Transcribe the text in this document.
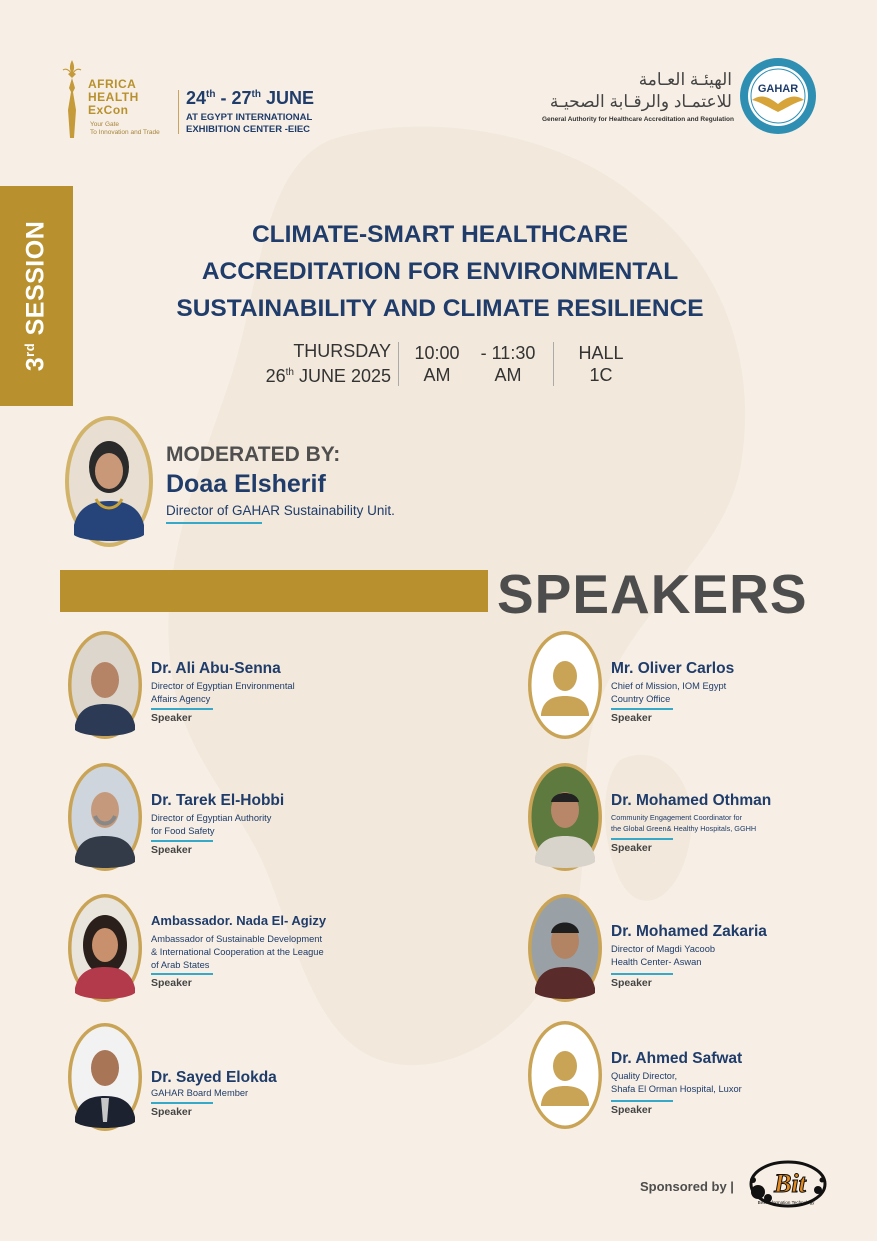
AFRICA
HEALTH
ExCon
Your Gate
To Innovation and Trade
24th - 27th JUNE
AT EGYPT INTERNATIONAL
EXHIBITION CENTER -EIEC
الهيئـة العـامة
للاعتمـاد والرقـابة الصحيـة
General Authority for Healthcare Accreditation and Regulation
GAHAR
3rd SESSION	CLIMATE-SMART HEALTHCARE
ACCREDITATION FOR ENVIRONMENTAL
SUSTAINABILITY AND CLIMATE RESILIENCE
THURSDAY
26th JUNE 2025
10:00
AM
- 11:30
AM
HALL
1C
MODERATED BY:
Doaa Elsherif
Director of GAHAR Sustainability Unit.
SPEAKERS
Dr. Ali Abu-Senna
Director of Egyptian Environmental
Affairs Agency
Speaker
Dr. Tarek El-Hobbi
Director of Egyptian Authority
for Food Safety
Speaker
Ambassador. Nada El- Agizy
Ambassador of Sustainable Development
& International Cooperation at the League
of Arab States
Speaker
Dr. Sayed Elokda
GAHAR Board Member
Speaker
Mr. Oliver Carlos
Chief of Mission, IOM Egypt
Country Office
Speaker
Dr. Mohamed Othman
Community Engagement Coordinator for
the Global Green& Healthy Hospitals, GGHH
Speaker
Dr. Mohamed Zakaria
Director of Magdi Yacoob
Health Center- Aswan
Speaker
Dr. Ahmed Safwat
Quality Director,
Shafa El Orman Hospital, Luxor
Speaker
Sponsored by | Bit
Best Information Technology
